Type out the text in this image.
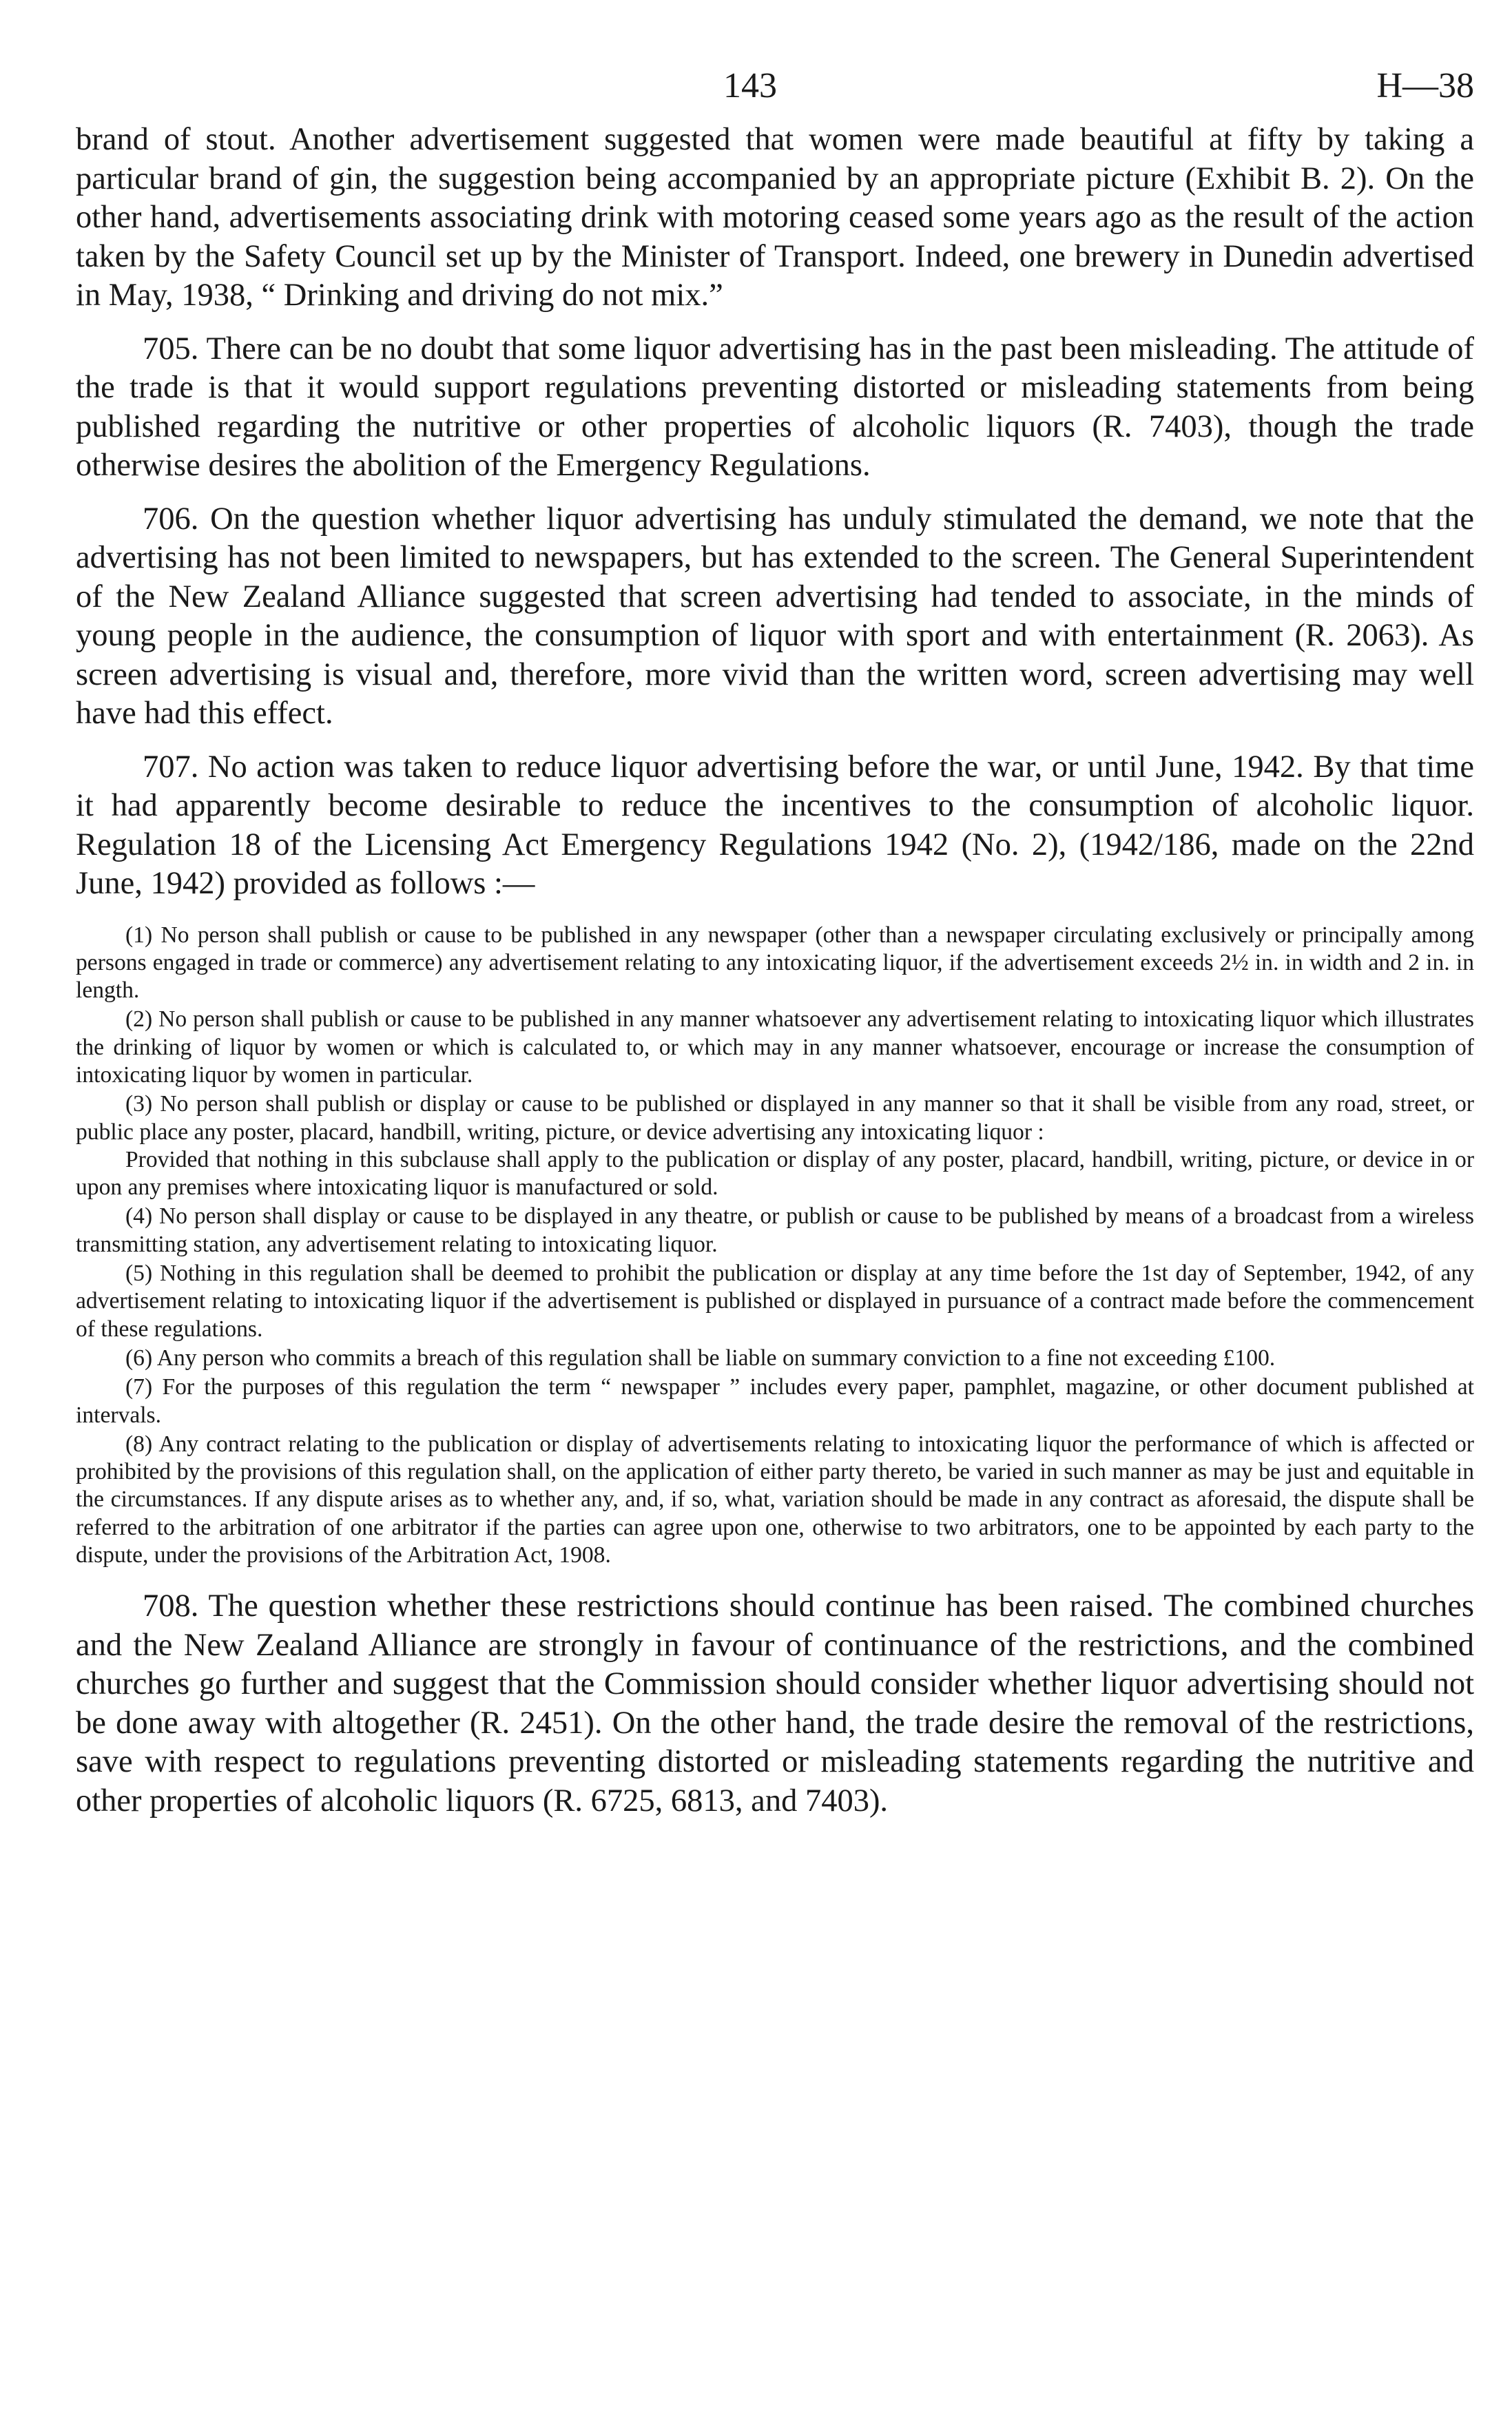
143	H—38

brand of stout. Another advertisement suggested that women were made beautiful at fifty by taking a particular brand of gin, the suggestion being accompanied by an appropriate picture (Exhibit B. 2). On the other hand, advertisements associating drink with motoring ceased some years ago as the result of the action taken by the Safety Council set up by the Minister of Transport. Indeed, one brewery in Dunedin advertised in May, 1938, “ Drinking and driving do not mix.”

705. There can be no doubt that some liquor advertising has in the past been misleading. The attitude of the trade is that it would support regulations preventing distorted or misleading statements from being published regarding the nutritive or other properties of alcoholic liquors (R. 7403), though the trade otherwise desires the abolition of the Emergency Regulations.

706. On the question whether liquor advertising has unduly stimulated the demand, we note that the advertising has not been limited to newspapers, but has extended to the screen. The General Superintendent of the New Zealand Alliance suggested that screen advertising had tended to associate, in the minds of young people in the audience, the consumption of liquor with sport and with entertainment (R. 2063). As screen advertising is visual and, therefore, more vivid than the written word, screen advertising may well have had this effect.

707. No action was taken to reduce liquor advertising before the war, or until June, 1942. By that time it had apparently become desirable to reduce the incentives to the consumption of alcoholic liquor. Regulation 18 of the Licensing Act Emergency Regulations 1942 (No. 2), (1942/186, made on the 22nd June, 1942) provided as follows :—

(1) No person shall publish or cause to be published in any newspaper (other than a newspaper circulating exclusively or principally among persons engaged in trade or commerce) any advertisement relating to any intoxicating liquor, if the advertisement exceeds 2½ in. in width and 2 in. in length.

(2) No person shall publish or cause to be published in any manner whatsoever any advertisement relating to intoxicating liquor which illustrates the drinking of liquor by women or which is calculated to, or which may in any manner whatsoever, encourage or increase the consumption of intoxicating liquor by women in particular.

(3) No person shall publish or display or cause to be published or displayed in any manner so that it shall be visible from any road, street, or public place any poster, placard, handbill, writing, picture, or device advertising any intoxicating liquor :

Provided that nothing in this subclause shall apply to the publication or display of any poster, placard, handbill, writing, picture, or device in or upon any premises where intoxicating liquor is manufactured or sold.

(4) No person shall display or cause to be displayed in any theatre, or publish or cause to be published by means of a broadcast from a wireless transmitting station, any advertisement relating to intoxicating liquor.

(5) Nothing in this regulation shall be deemed to prohibit the publication or display at any time before the 1st day of September, 1942, of any advertisement relating to intoxicating liquor if the advertisement is published or displayed in pursuance of a contract made before the commencement of these regulations.

(6) Any person who commits a breach of this regulation shall be liable on summary conviction to a fine not exceeding £100.

(7) For the purposes of this regulation the term “ newspaper ” includes every paper, pamphlet, magazine, or other document published at intervals.

(8) Any contract relating to the publication or display of advertisements relating to intoxicating liquor the performance of which is affected or prohibited by the provisions of this regulation shall, on the application of either party thereto, be varied in such manner as may be just and equitable in the circumstances. If any dispute arises as to whether any, and, if so, what, variation should be made in any contract as aforesaid, the dispute shall be referred to the arbitration of one arbitrator if the parties can agree upon one, otherwise to two arbitrators, one to be appointed by each party to the dispute, under the provisions of the Arbitration Act, 1908.

708. The question whether these restrictions should continue has been raised. The combined churches and the New Zealand Alliance are strongly in favour of continuance of the restrictions, and the combined churches go further and suggest that the Commission should consider whether liquor advertising should not be done away with altogether (R. 2451). On the other hand, the trade desire the removal of the restrictions, save with respect to regulations preventing distorted or misleading statements regarding the nutritive and other properties of alcoholic liquors (R. 6725, 6813, and 7403).
